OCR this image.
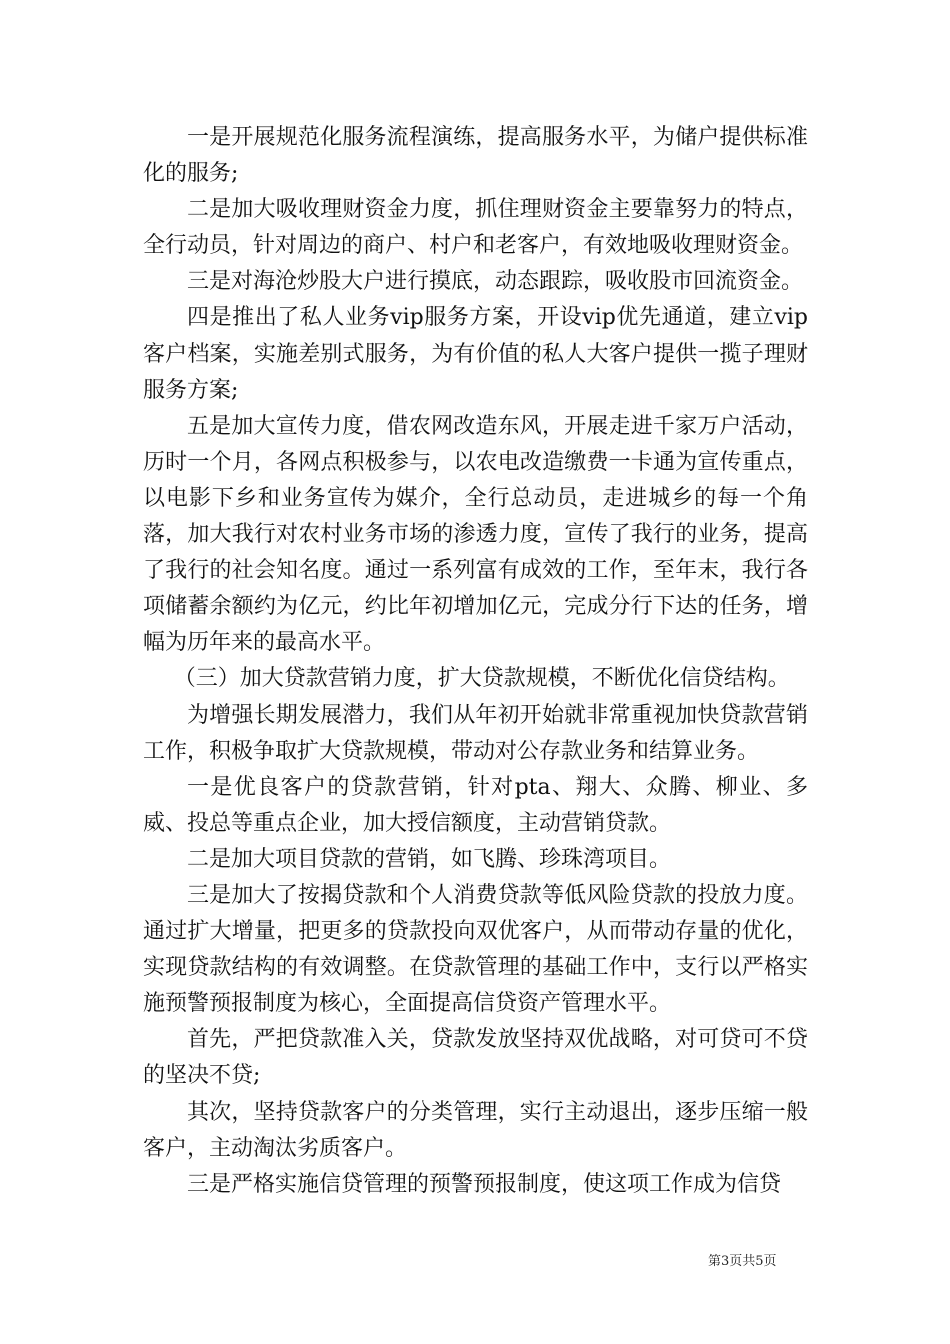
一是开展规范化服务流程演练，提高服务水平，为储户提供标准化的服务;

二是加大吸收理财资金力度，抓住理财资金主要靠努力的特点，全行动员，针对周边的商户、村户和老客户，有效地吸收理财资金。

三是对海沧炒股大户进行摸底，动态跟踪，吸收股市回流资金。

四是推出了私人业务vip服务方案，开设vip优先通道，建立vip客户档案，实施差别式服务，为有价值的私人大客户提供一揽子理财服务方案;

五是加大宣传力度，借农网改造东风，开展走进千家万户活动，历时一个月，各网点积极参与，以农电改造缴费一卡通为宣传重点，以电影下乡和业务宣传为媒介，全行总动员，走进城乡的每一个角落，加大我行对农村业务市场的渗透力度，宣传了我行的业务，提高了我行的社会知名度。通过一系列富有成效的工作，至年末，我行各项储蓄余额约为亿元，约比年初增加亿元，完成分行下达的任务，增幅为历年来的最高水平。

（三）加大贷款营销力度，扩大贷款规模，不断优化信贷结构。

为增强长期发展潜力，我们从年初开始就非常重视加快贷款营销工作，积极争取扩大贷款规模，带动对公存款业务和结算业务。

一是优良客户的贷款营销，针对pta、翔大、众腾、柳业、多威、投总等重点企业，加大授信额度，主动营销贷款。

二是加大项目贷款的营销，如飞腾、珍珠湾项目。

三是加大了按揭贷款和个人消费贷款等低风险贷款的投放力度。通过扩大增量，把更多的贷款投向双优客户，从而带动存量的优化，实现贷款结构的有效调整。在贷款管理的基础工作中，支行以严格实施预警预报制度为核心，全面提高信贷资产管理水平。

首先，严把贷款准入关，贷款发放坚持双优战略，对可贷可不贷的坚决不贷;

其次，坚持贷款客户的分类管理，实行主动退出，逐步压缩一般客户，主动淘汰劣质客户。

三是严格实施信贷管理的预警预报制度，使这项工作成为信贷

第3页共5页
